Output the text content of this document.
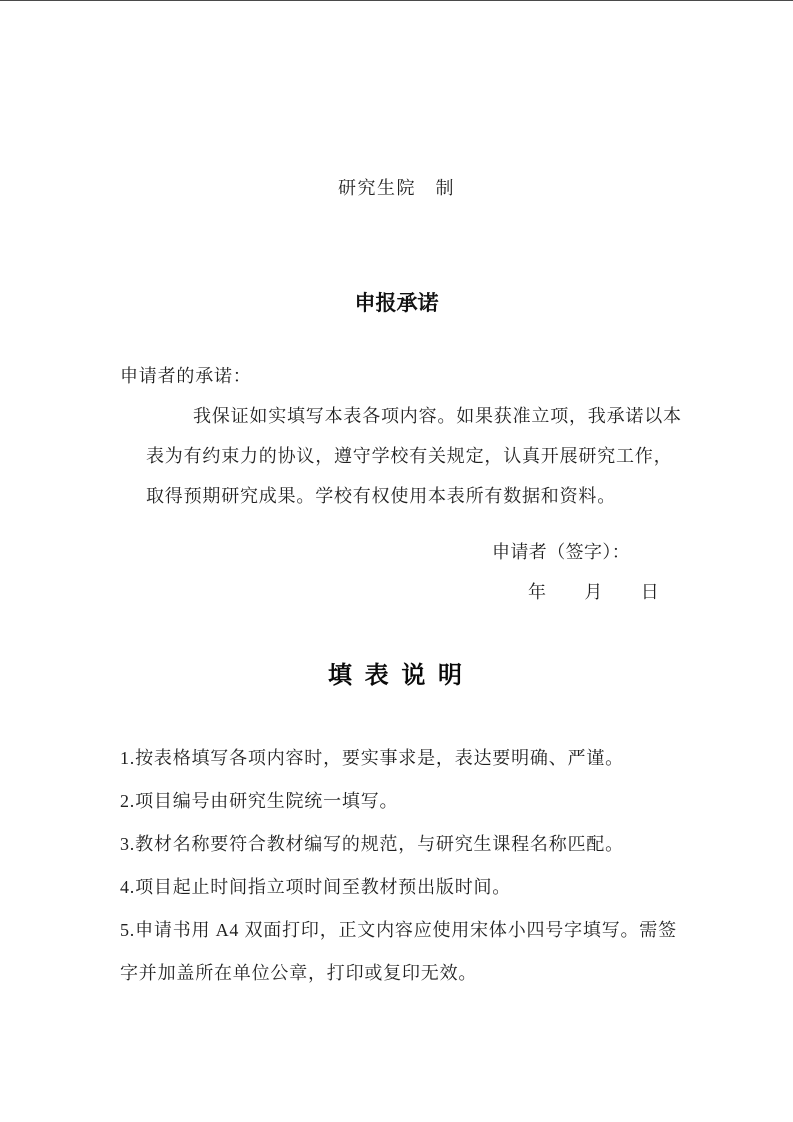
研究生院　制
申报承诺
申请者的承诺：
我保证如实填写本表各项内容。如果获准立项，我承诺以本
表为有约束力的协议，遵守学校有关规定，认真开展研究工作，
取得预期研究成果。学校有权使用本表所有数据和资料。
申请者（签字）：
年　　月　　日
填 表 说 明
1.按表格填写各项内容时，要实事求是，表达要明确、严谨。
2.项目编号由研究生院统一填写。
3.教材名称要符合教材编写的规范，与研究生课程名称匹配。
4.项目起止时间指立项时间至教材预出版时间。
5.申请书用 A4 双面打印，正文内容应使用宋体小四号字填写。需签
字并加盖所在单位公章，打印或复印无效。
